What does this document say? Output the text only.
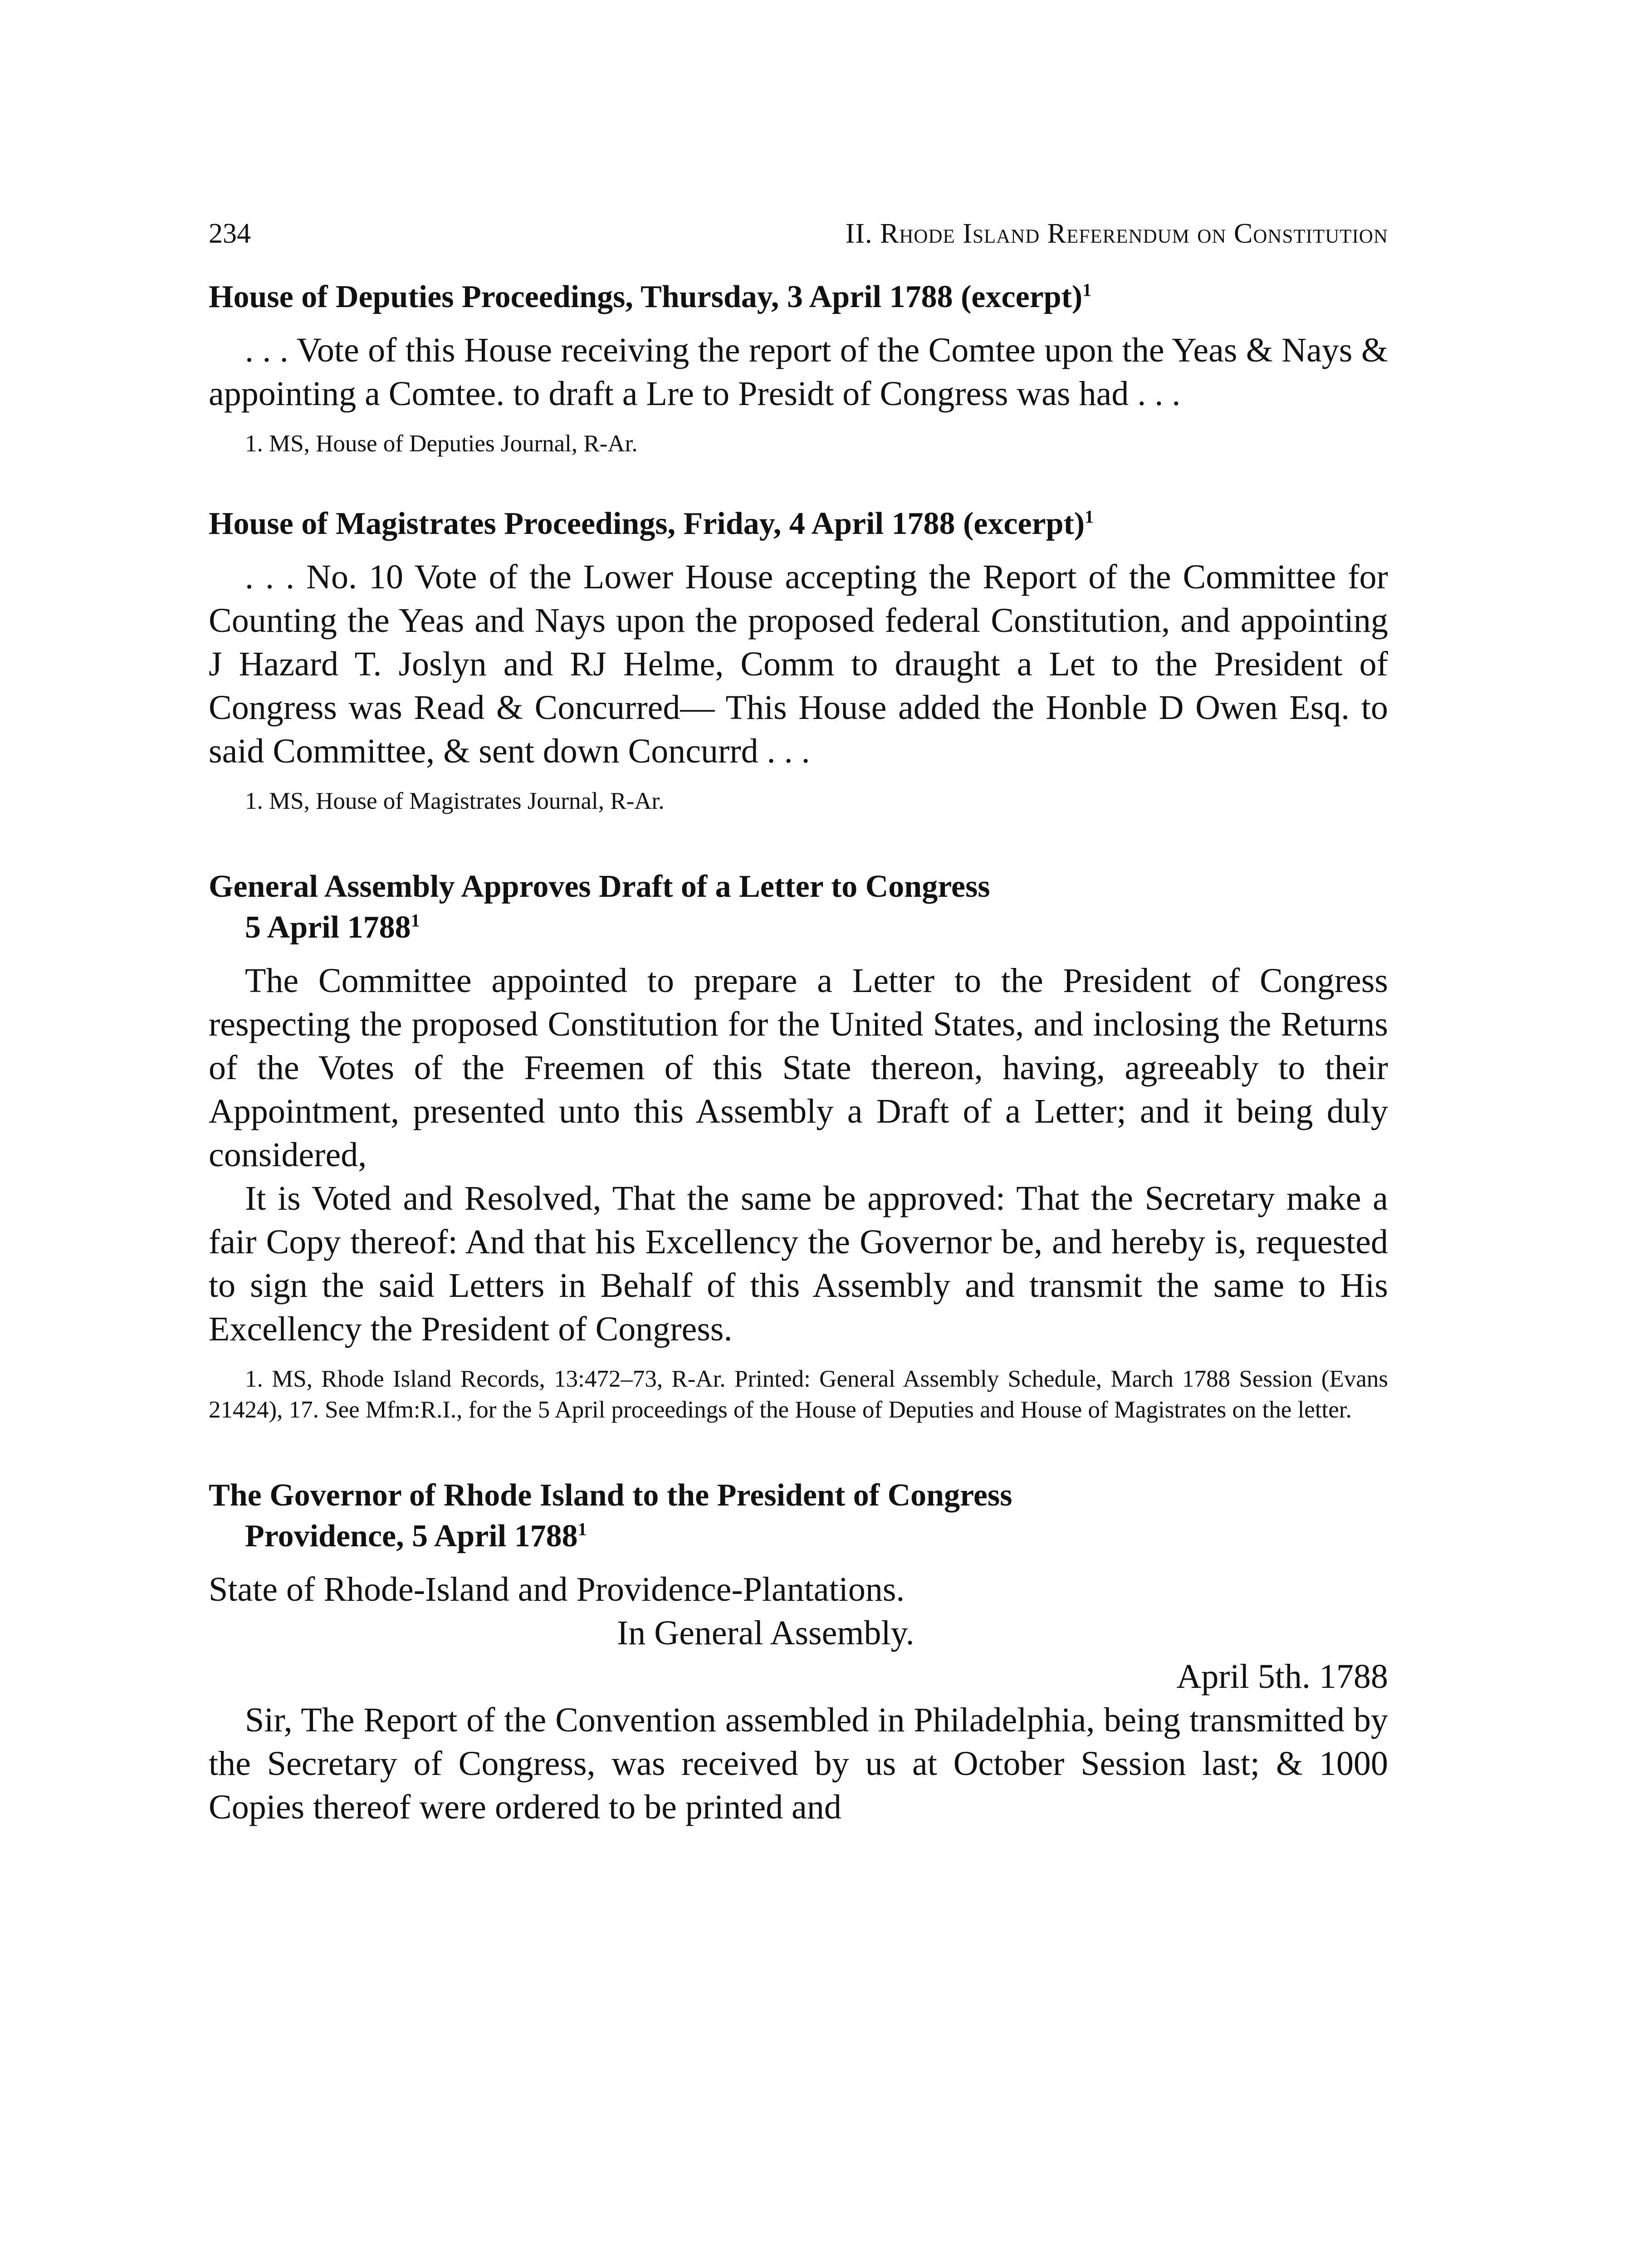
234	II. Rhode Island Referendum on Constitution
House of Deputies Proceedings, Thursday, 3 April 1788 (excerpt)$^1$

. . . Vote of this House receiving the report of the Comtee upon the Yeas & Nays & appointing a Comtee. to draft a Lre to Presidt of Congress was had . . .

1. MS, House of Deputies Journal, R-Ar.

House of Magistrates Proceedings, Friday, 4 April 1788 (excerpt)$^1$

. . . No. 10 Vote of the Lower House accepting the Report of the Committee for Counting the Yeas and Nays upon the proposed federal Constitution, and appointing J Hazard T. Joslyn and RJ Helme, Comm to draught a Let to the President of Congress was Read & Concurred— This House added the Honble D Owen Esq. to said Committee, & sent down Concurrd . . .

1. MS, House of Magistrates Journal, R-Ar.

General Assembly Approves Draft of a Letter to Congress
5 April 1788$^1$

The Committee appointed to prepare a Letter to the President of Congress respecting the proposed Constitution for the United States, and inclosing the Returns of the Votes of the Freemen of this State thereon, having, agreeably to their Appointment, presented unto this Assembly a Draft of a Letter; and it being duly considered,

It is Voted and Resolved, That the same be approved: That the Secretary make a fair Copy thereof: And that his Excellency the Governor be, and hereby is, requested to sign the said Letters in Behalf of this Assembly and transmit the same to His Excellency the President of Congress.

1. MS, Rhode Island Records, 13:472–73, R-Ar. Printed: General Assembly Schedule, March 1788 Session (Evans 21424), 17. See Mfm:R.I., for the 5 April proceedings of the House of Deputies and House of Magistrates on the letter.

The Governor of Rhode Island to the President of Congress
Providence, 5 April 1788$^1$
State of Rhode-Island and Providence-Plantations.
In General Assembly.
April 5th. 1788

Sir, The Report of the Convention assembled in Philadelphia, being transmitted by the Secretary of Congress, was received by us at October Session last; & 1000 Copies thereof were ordered to be printed and
